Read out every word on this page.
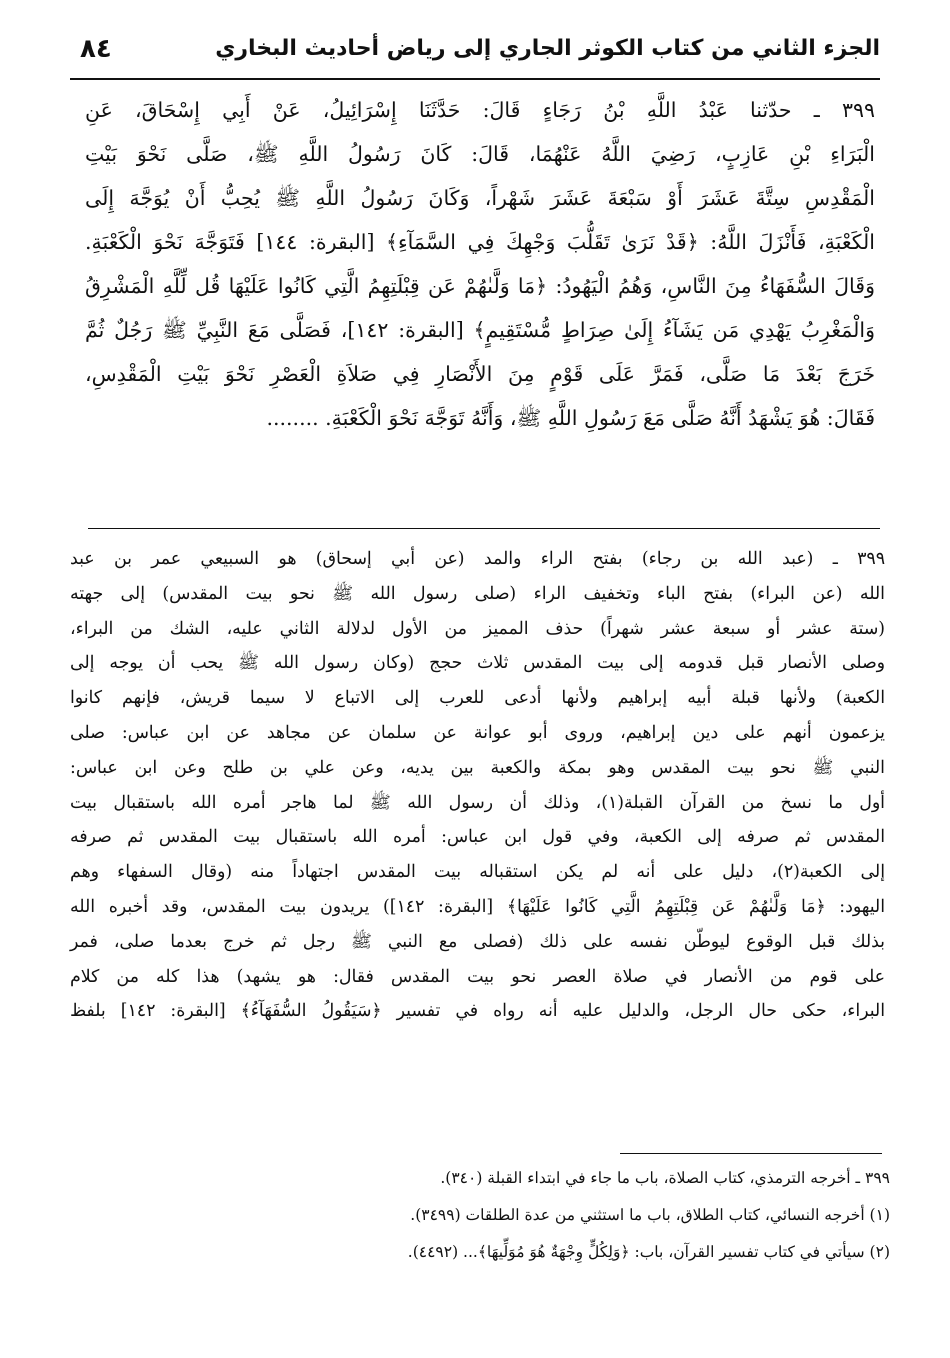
٨٤	الجزء الثاني من كتاب الكوثر الجاري إلى رياض أحاديث البخاري
٣٩٩ ـ حدّثنا عَبْدُ اللَّهِ بْنُ رَجَاءٍ قَالَ: حَدَّثَنَا إِسْرَائِيلُ، عَنْ أَبِي إِسْحَاقَ، عَنِ
الْبَرَاءِ بْنِ عَازِبٍ، رَضِيَ اللَّهُ عَنْهُمَا، قَالَ: كَانَ رَسُولُ اللَّهِ ﷺ، صَلَّى نَحْوَ بَيْتِ
الْمَقْدِسِ سِتَّةَ عَشَرَ أَوْ سَبْعَةَ عَشَرَ شَهْراً، وَكَانَ رَسُولُ اللَّهِ ﷺ يُحِبُّ أَنْ يُوَجَّهَ إِلَى
الْكَعْبَةِ، فَأَنْزَلَ اللَّهُ: ﴿قَدْ نَرَىٰ تَقَلُّبَ وَجْهِكَ فِي السَّمَآءِ﴾ [البقرة: ١٤٤] فَتَوَجَّهَ نَحْوَ الْكَعْبَةِ.
وَقَالَ السُّفَهَاءُ مِنَ النَّاسِ، وَهُمُ الْيَهُودُ: ﴿مَا وَلَّىٰهُمْ عَن قِبْلَتِهِمُ الَّتِي كَانُوا عَلَيْهَا قُل لِّلَّهِ الْمَشْرِقُ
وَالْمَغْرِبُ يَهْدِي مَن يَشَآءُ إِلَىٰ صِرَاطٍ مُّسْتَقِيمٍ﴾ [البقرة: ١٤٢]، فَصَلَّى مَعَ النَّبِيِّ ﷺ رَجُلٌ ثُمَّ
خَرَجَ بَعْدَ مَا صَلَّى، فَمَرَّ عَلَى قَوْمٍ مِنَ الأَنْصَارِ فِي صَلاَةِ الْعَصْرِ نَحْوَ بَيْتِ الْمَقْدِسِ،
فَقَالَ: هُوَ يَشْهَدُ أَنَّهُ صَلَّى مَعَ رَسُولِ اللَّهِ ﷺ، وَأَنَّهُ تَوَجَّهَ نَحْوَ الْكَعْبَةِ. ........
٣٩٩ ـ (عبد الله بن رجاء) بفتح الراء والمد (عن أبي إسحاق) هو السبيعي عمر بن عبد
الله (عن البراء) بفتح الباء وتخفيف الراء (صلى رسول الله ﷺ نحو بيت المقدس) إلى جهته
(ستة عشر أو سبعة عشر شهراً) حذف المميز من الأول لدلالة الثاني عليه، الشك من البراء،
وصلى الأنصار قبل قدومه إلى بيت المقدس ثلاث حجج (وكان رسول الله ﷺ يحب أن يوجه إلى
الكعبة) ولأنها قبلة أبيه إبراهيم ولأنها أدعى للعرب إلى الاتباع لا سيما قريش، فإنهم كانوا
يزعمون أنهم على دين إبراهيم، وروى أبو عوانة عن سلمان عن مجاهد عن ابن عباس: صلى
النبي ﷺ نحو بيت المقدس وهو بمكة والكعبة بين يديه، وعن علي بن طلح وعن ابن عباس:
أول ما نسخ من القرآن القبلة(١)، وذلك أن رسول الله ﷺ لما هاجر أمره الله باستقبال بيت
المقدس ثم صرفه إلى الكعبة، وفي قول ابن عباس: أمره الله باستقبال بيت المقدس ثم صرفه
إلى الكعبة(٢)، دليل على أنه لم يكن استقباله بيت المقدس اجتهاداً منه (وقال السفهاء وهم
اليهود: ﴿مَا وَلَّىٰهُمْ عَن قِبْلَتِهِمُ الَّتِي كَانُوا عَلَيْهَا﴾ [البقرة: ١٤٢]) يريدون بيت المقدس، وقد أخبره الله
بذلك قبل الوقوع ليوطّن نفسه على ذلك (فصلى مع النبي ﷺ رجل ثم خرج بعدما صلى، فمر
على قوم من الأنصار في صلاة العصر نحو بيت المقدس فقال: هو يشهد) هذا كله من كلام
البراء، حكى حال الرجل، والدليل عليه أنه رواه في تفسير ﴿سَيَقُولُ السُّفَهَآءُ﴾ [البقرة: ١٤٢] بلفظ
٣٩٩ ـ أخرجه الترمذي، كتاب الصلاة، باب ما جاء في ابتداء القبلة (٣٤٠).
(١) أخرجه النسائي، كتاب الطلاق، باب ما استثني من عدة الطلقات (٣٤٩٩).
(٢) سيأتي في كتاب تفسير القرآن، باب: ﴿وَلِكُلٍّ وِجْهَةٌ هُوَ مُوَلِّيهَا﴾... (٤٤٩٢).
